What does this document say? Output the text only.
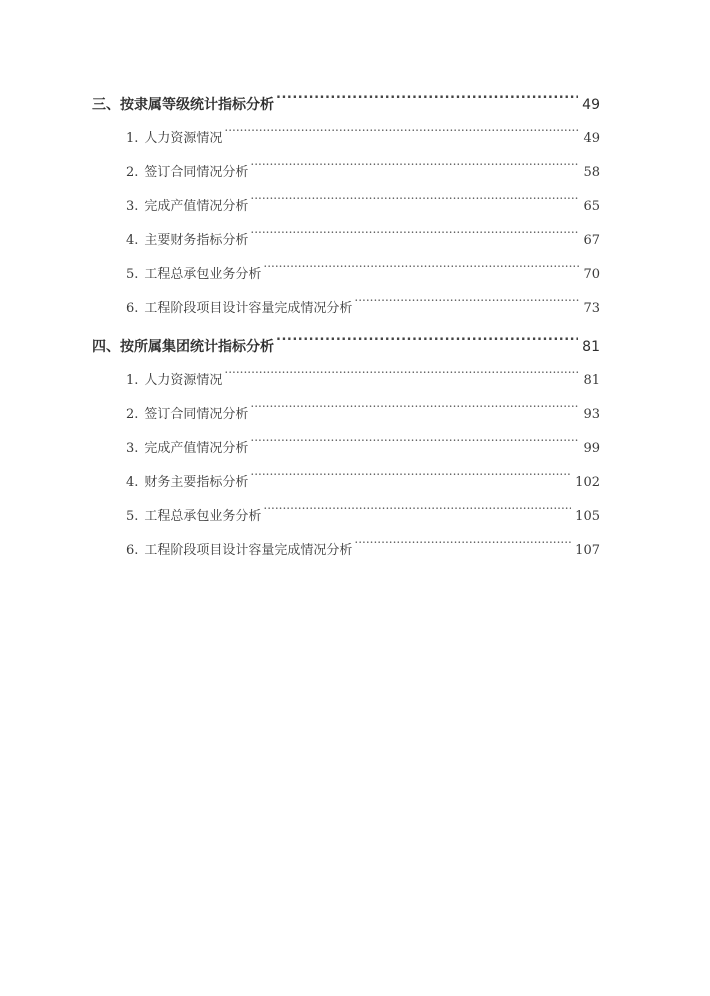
三、按隶属等级统计指标分析 .....	49
1. 人力资源情况 .....	49
2. 签订合同情况分析 .....	58
3. 完成产值情况分析 .....	65
4. 主要财务指标分析 .....	67
5. 工程总承包业务分析 .....	70
6. 工程阶段项目设计容量完成情况分析 .....	73
四、按所属集团统计指标分析 .....	81
1. 人力资源情况 .....	81
2. 签订合同情况分析 .....	93
3. 完成产值情况分析 .....	99
4. 财务主要指标分析 .....	102
5. 工程总承包业务分析 .....	105
6. 工程阶段项目设计容量完成情况分析 .....	107
